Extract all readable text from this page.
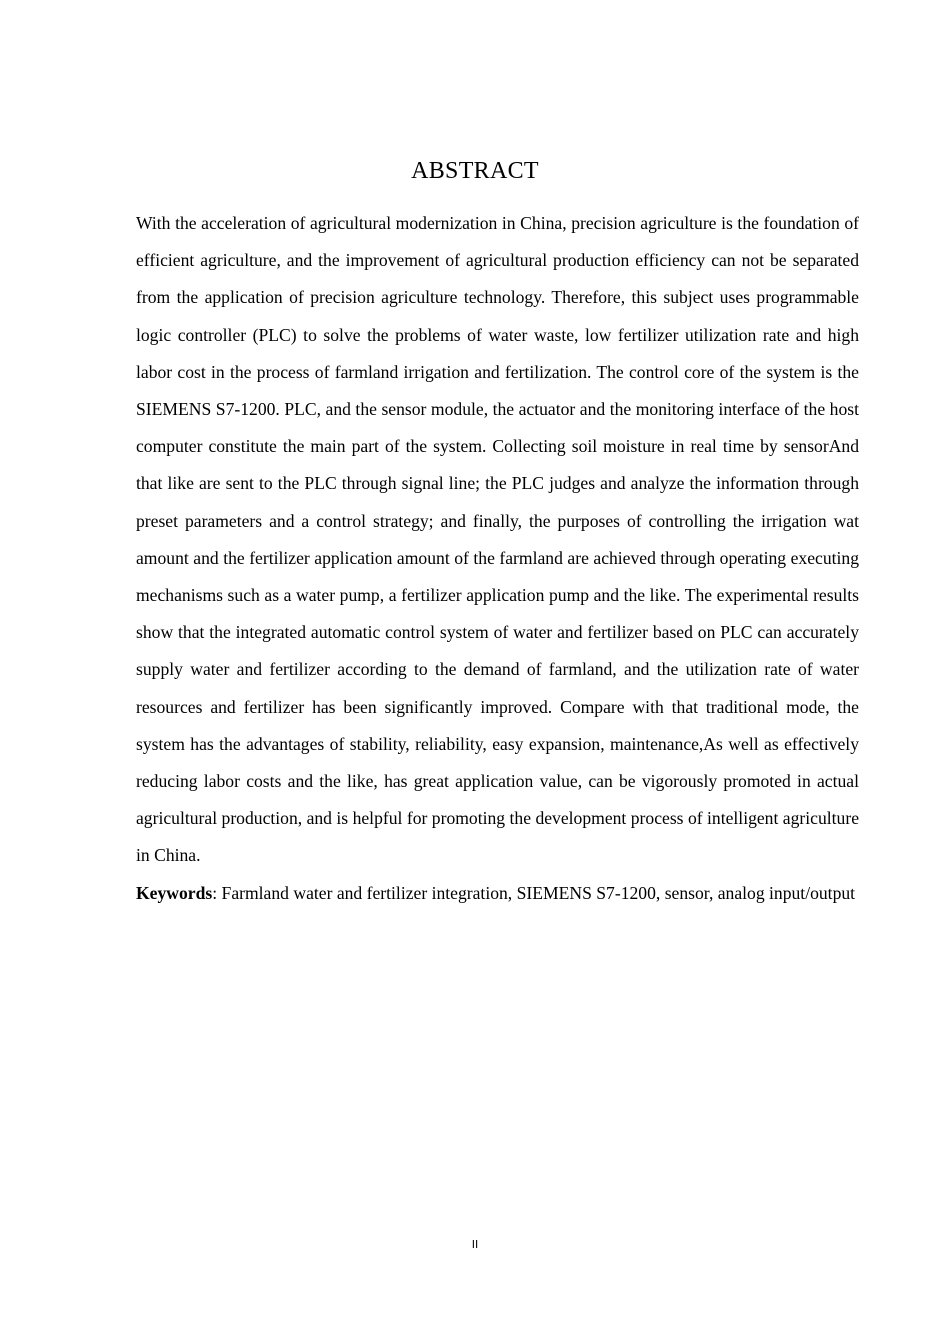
ABSTRACT

With the acceleration of agricultural modernization in China, precision agriculture is the foundation of efficient agriculture, and the improvement of agricultural production efficiency can not be separated from the application of precision agriculture technology. Therefore, this subject uses programmable logic controller (PLC) to solve the problems of water waste, low fertilizer utilization rate and high labor cost in the process of farmland irrigation and fertilization. The control core of the system is the SIEMENS S7-1200. PLC, and the sensor module, the actuator and the monitoring interface of the host computer constitute the main part of the system. Collecting soil moisture in real time by sensorAnd that like are sent to the PLC through signal line; the PLC judges and analyze the information through preset parameters and a control strategy; and finally, the purposes of controlling the irrigation wat amount and the fertilizer application amount of the farmland are achieved through operating executing mechanisms such as a water pump, a fertilizer application pump and the like. The experimental results show that the integrated automatic control system of water and fertilizer based on PLC can accurately supply water and fertilizer according to the demand of farmland, and the utilization rate of water resources and fertilizer has been significantly improved. Compare with that traditional mode, the system has the advantages of stability, reliability, easy expansion, maintenance,As well as effectively reducing labor costs and the like, has great application value, can be vigorously promoted in actual agricultural production, and is helpful for promoting the development process of intelligent agriculture in China.

Keywords: Farmland water and fertilizer integration, SIEMENS S7-1200, sensor, analog input/output

II
